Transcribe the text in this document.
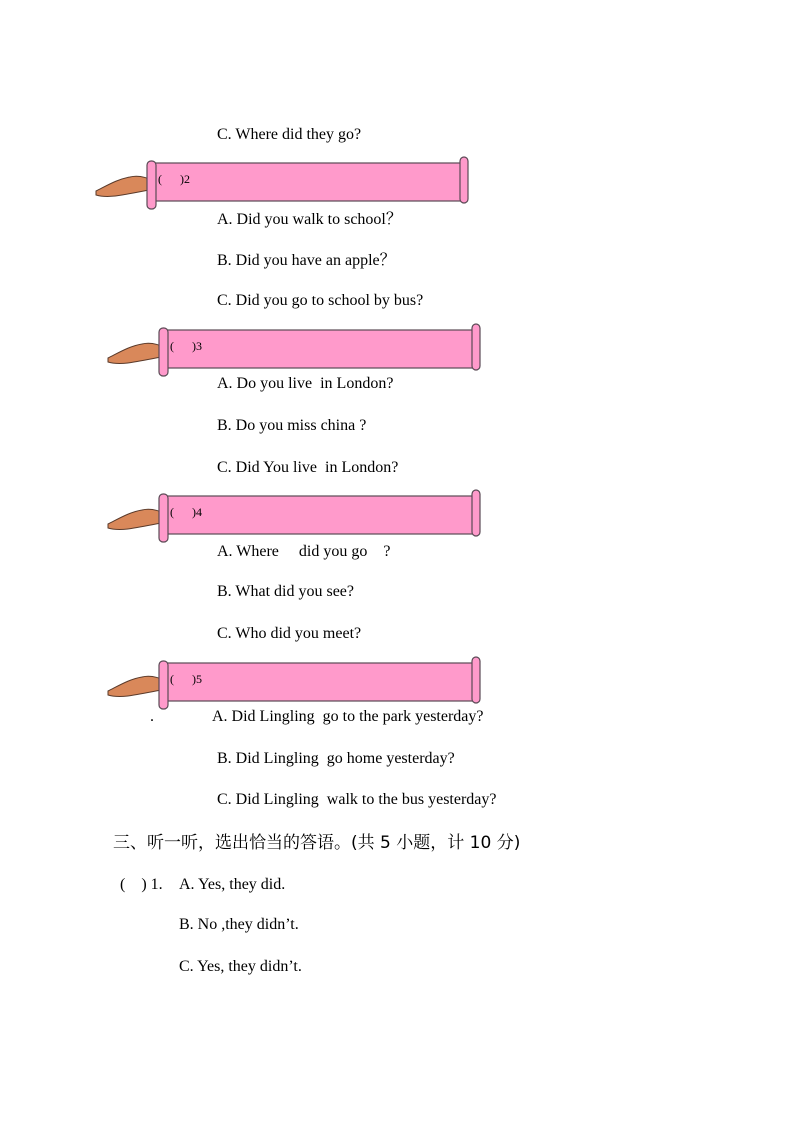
C. Where did they go?
(      )2
A. Did you walk to school？
B. Did you have an apple？
C. Did you go to school by bus?
(      )3
A. Do you live  in London?
B. Do you miss china ?
C. Did You live  in London?
(      )4
A. Where     did you go    ?
B. What did you see?
C. Who did you meet?
(      )5
.	A. Did Lingling  go to the park yesterday?
B. Did Lingling  go home yesterday?
C. Did Lingling  walk to the bus yesterday?
三、听一听，选出恰当的答语。(共 5 小题，计 10 分)
(    ) 1. A. Yes, they did.
B. No ,they didn’t.
C. Yes, they didn’t.
